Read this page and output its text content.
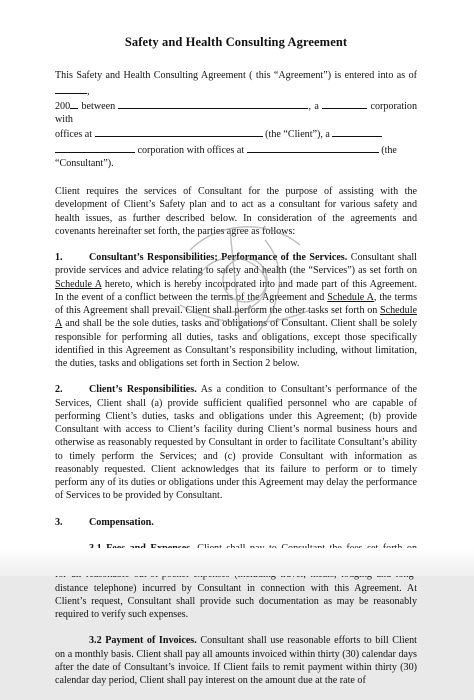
Safety and Health Consulting Agreement

This Safety and Health Consulting Agreement ( this “Agreement”) is entered into as of ,
200 between	, a	corporation with
offices at	(the “Client”), a
corporation with offices at	(the
“Consultant”).

Client requires the services of Consultant for the purpose of assisting with the development of Client’s Safety plan and to act as a consultant for various safety and health issues, as further described below. In consideration of the agreements and covenants hereinafter set forth, the parties agree as follows:

1.	Consultant’s Responsibilities; Performance of the Services. Consultant shall provide services and advice relating to safety and health (the “Services”) as set forth on Schedule A hereto, which is hereby incorporated into and made part of this Agreement. In the event of a conflict between the terms of the Agreement and Schedule A, the terms of this Agreement shall prevail. Client shall perform the other tasks set forth on Schedule A and shall be the sole duties, tasks and obligations of Consultant. Client shall be solely responsible for performing all duties, tasks and obligations, except those specifically identified in this Agreement as Consultant’s responsibility including, without limitation, the duties, tasks and obligations set forth in Section 2 below.

2.	Client’s Responsibilities. As a condition to Consultant’s performance of the Services, Client shall (a) provide sufficient qualified personnel who are capable of performing Client’s duties, tasks and obligations under this Agreement; (b) provide Consultant with access to Client’s facility during Client’s normal business hours and otherwise as reasonably requested by Consultant in order to facilitate Consultant’s ability to timely perform the Services; and (c) provide Consultant with information as reasonably requested. Client acknowledges that its failure to perform or to timely perform any of its duties or obligations under this Agreement may delay the performance of Services to be provided by Consultant.

3.	Compensation.

distance telephone) incurred by Consultant in connection with this Agreement. At Client’s request, Consultant shall provide such documentation as may be reasonably required to verify such expenses.

3.2 Payment of Invoices. Consultant shall use reasonable efforts to bill Client on a monthly basis. Client shall pay all amounts invoiced within thirty (30) calendar days after the date of Consultant’s invoice. If Client fails to remit payment within thirty (30) calendar day period, Client shall pay interest on the amount due at the rate of
